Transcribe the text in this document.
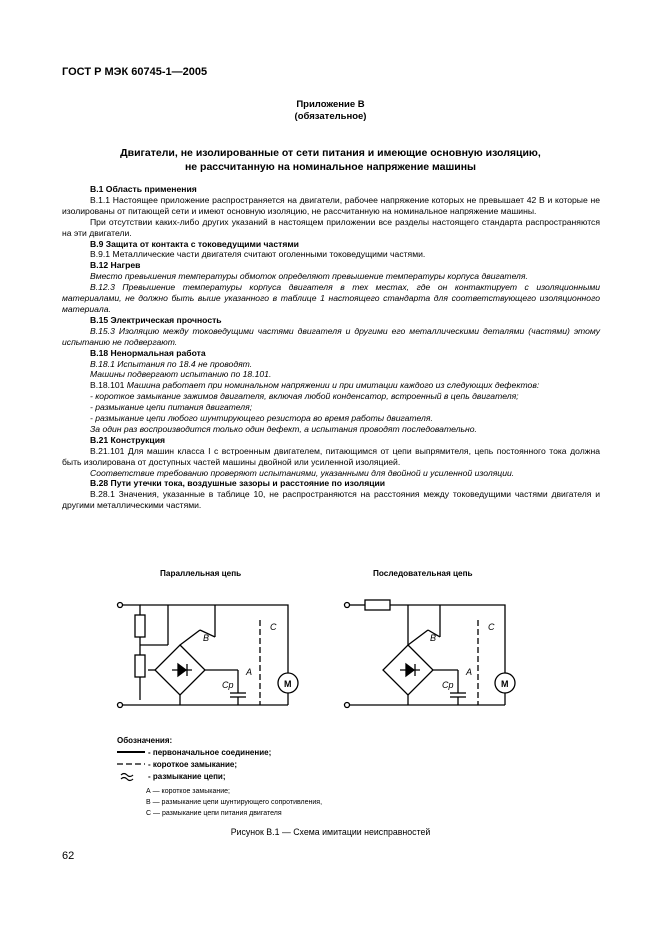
ГОСТ Р МЭК 60745-1—2005
Приложение В
(обязательное)
Двигатели, не изолированные от сети питания и имеющие основную изоляцию,
не рассчитанную на номинальное напряжение машины

В.1 Область применения

В.1.1 Настоящее приложение распространяется на двигатели, рабочее напряжение которых не превышает 42 В и которые не изолированы от питающей сети и имеют основную изоляцию, не рассчитанную на номинальное напряжение машины.

При отсутствии каких-либо других указаний в настоящем приложении все разделы настоящего стандарта распространяются на эти двигатели.

В.9 Защита от контакта с токоведущими частями

В.9.1 Металлические части двигателя считают оголенными токоведущими частями.

В.12 Нагрев

Вместо превышения температуры обмоток определяют превышение температуры корпуса двигателя.

В.12.3 Превышение температуры корпуса двигателя в тех местах, где он контактирует с изоляционными материалами, не должно быть выше указанного в таблице 1 настоящего стандарта для соответствующего изоляционного материала.

В.15 Электрическая прочность

В.15.3 Изоляцию между токоведущими частями двигателя и другими его металлическими деталями (частями) этому испытанию не подвергают.

В.18 Ненормальная работа

В.18.1 Испытания по 18.4 не проводят.

Машины подвергают испытанию по 18.101.

В.18.101 Машина работает при номинальном напряжении и при имитации каждого из следующих дефектов:

- короткое замыкание зажимов двигателя, включая любой конденсатор, встроенный в цепь двигателя;

- размыкание цепи питания двигателя;

- размыкание цепи любого шунтирующего резистора во время работы двигателя.

За один раз воспроизводится только один дефект, а испытания проводят последовательно.

В.21 Конструкция

В.21.101 Для машин класса I с встроенным двигателем, питающимся от цепи выпрямителя, цепь постоянного тока должна быть изолирована от доступных частей машины двойной или усиленной изоляцией.

Соответствие требованию проверяют испытаниями, указанными для двойной и усиленной изоляции.

В.28 Пути утечки тока, воздушные зазоры и расстояние по изоляции

В.28.1 Значения, указанные в таблице 10, не распространяются на расстояния между токоведущими частями двигателя и другими металлическими частями.

Параллельная цепь	Последовательная цепь
B
A
C
Cp	M
B
A
C
Cp	M
Обозначения:
- первоначальное соединение;
- короткое замыкание;
- размыкание цепи;
А — короткое замыкание;
В — размыкание цепи шунтирующего сопротивления,
С — размыкание цепи питания двигателя
Рисунок В.1 — Схема имитации неисправностей
62
